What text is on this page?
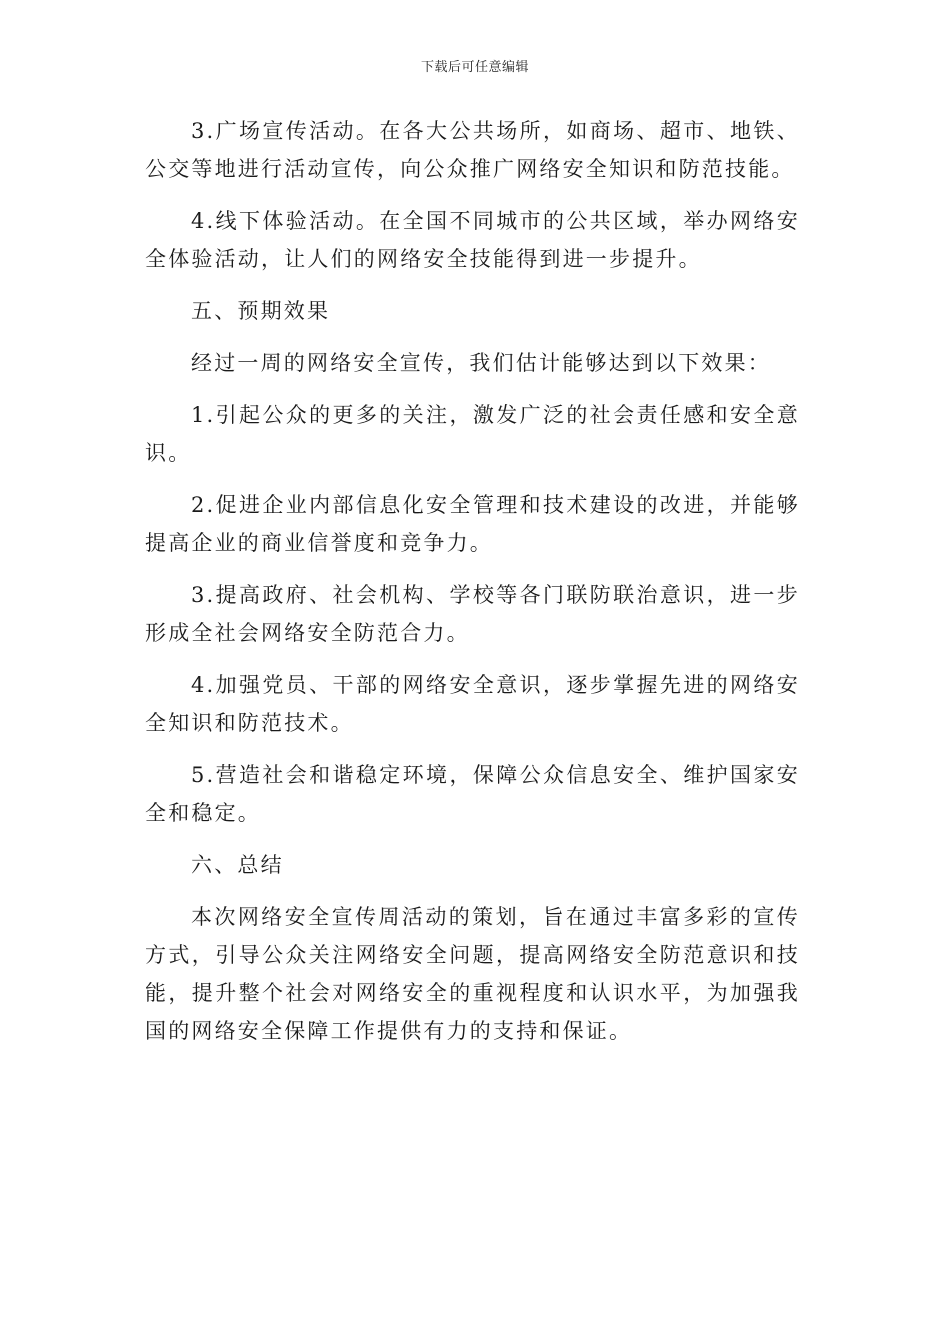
下载后可任意编辑

3.广场宣传活动。在各大公共场所，如商场、超市、地铁、公交等地进行活动宣传，向公众推广网络安全知识和防范技能。

4.线下体验活动。在全国不同城市的公共区域，举办网络安全体验活动，让人们的网络安全技能得到进一步提升。

五、预期效果

经过一周的网络安全宣传，我们估计能够达到以下效果：

1.引起公众的更多的关注，激发广泛的社会责任感和安全意识。

2.促进企业内部信息化安全管理和技术建设的改进，并能够提高企业的商业信誉度和竞争力。

3.提高政府、社会机构、学校等各门联防联治意识，进一步形成全社会网络安全防范合力。

4.加强党员、干部的网络安全意识，逐步掌握先进的网络安全知识和防范技术。

5.营造社会和谐稳定环境，保障公众信息安全、维护国家安全和稳定。

六、总结

本次网络安全宣传周活动的策划，旨在通过丰富多彩的宣传方式，引导公众关注网络安全问题，提高网络安全防范意识和技能，提升整个社会对网络安全的重视程度和认识水平，为加强我国的网络安全保障工作提供有力的支持和保证。
